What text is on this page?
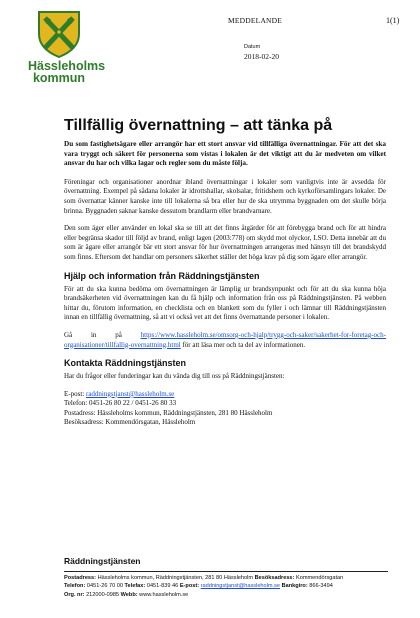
Hässleholms
kommun
MEDDELANDE	1(1)
Datum
2018-02-20
Tillfällig övernattning – att tänka på

Du som fastighetsägare eller arrangör har ett stort ansvar vid tillfälliga övernattningar. För att det ska vara tryggt och säkert för personerna som vistas i lokalen är det viktigt att du är medveten om vilket ansvar du har och vilka lagar och regler som du måste följa.

Föreningar och organisationer anordnar ibland övernattningar i lokaler som vanligtvis inte är avsedda för övernattning. Exempel på sådana lokaler är idrottshallar, skolsalar, fritidshem och kyrkoförsamlingars lokaler. De som övernattar känner kanske inte till lokalerna så bra eller hur de ska utrymma byggnaden om det skulle börja brinna. Byggnaden saknar kanske dessutom brandlarm eller brandvarnare.

Den som äger eller använder en lokal ska se till att det finns åtgärder för att förebygga brand och för att hindra eller begränsa skador till följd av brand, enligt lagen (2003:778) om skydd mot olyckor, LSO. Detta innebär att du som är ägare eller arrangör bär ett stort ansvar för hur övernattningen arrangeras med hänsyn till det brandskydd som finns. Eftersom det handlar om personers säkerhet ställer det höga krav på dig som ägare eller arrangör.

Hjälp och information från Räddningstjänsten

För att du ska kunna bedöma om övernattningen är lämplig ur brandsynpunkt och för att du ska kunna höja brandsäkerheten vid övernattningen kan du få hjälp och information från oss på Räddningstjänsten. På webben hittar du, förutom information, en checklista och en blankett som du fyller i och lämnar till Räddningstjänsten innan en tillfällig övernattning, så att vi också vet att det finns övernattande personer i lokalen.

Gå in på https://www.hassleholm.se/omsorg-och-hjalp/trygg-och-saker/sakerhet-for-foretag-och-organisationer/tillfallig-overnattning.html för att läsa mer och ta del av informationen.

Kontakta Räddningstjänsten

Har du frågor eller funderingar kan du vända dig till oss på Räddningstjänsten:

E-post: raddningstjanst@hassleholm.se
Telefon: 0451-26 80 22 / 0451-26 80 33
Postadress: Hässleholms kommun, Räddningstjänsten, 281 80 Hässleholm
Besöksadress: Kommendörsgatan, Hässleholm
Räddningstjänsten
Postadress: Hässleholms kommun, Räddningstjänsten, 281 80 Hässleholm Besöksadress: Kommendörsgatan
Telefon: 0451-26 70 00 Telefax: 0451-839 46 E-post: raddningstjanst@hassleholm.se Bankgiro: 866-3494
Org. nr: 212000-0985 Webb: www.hassleholm.se
